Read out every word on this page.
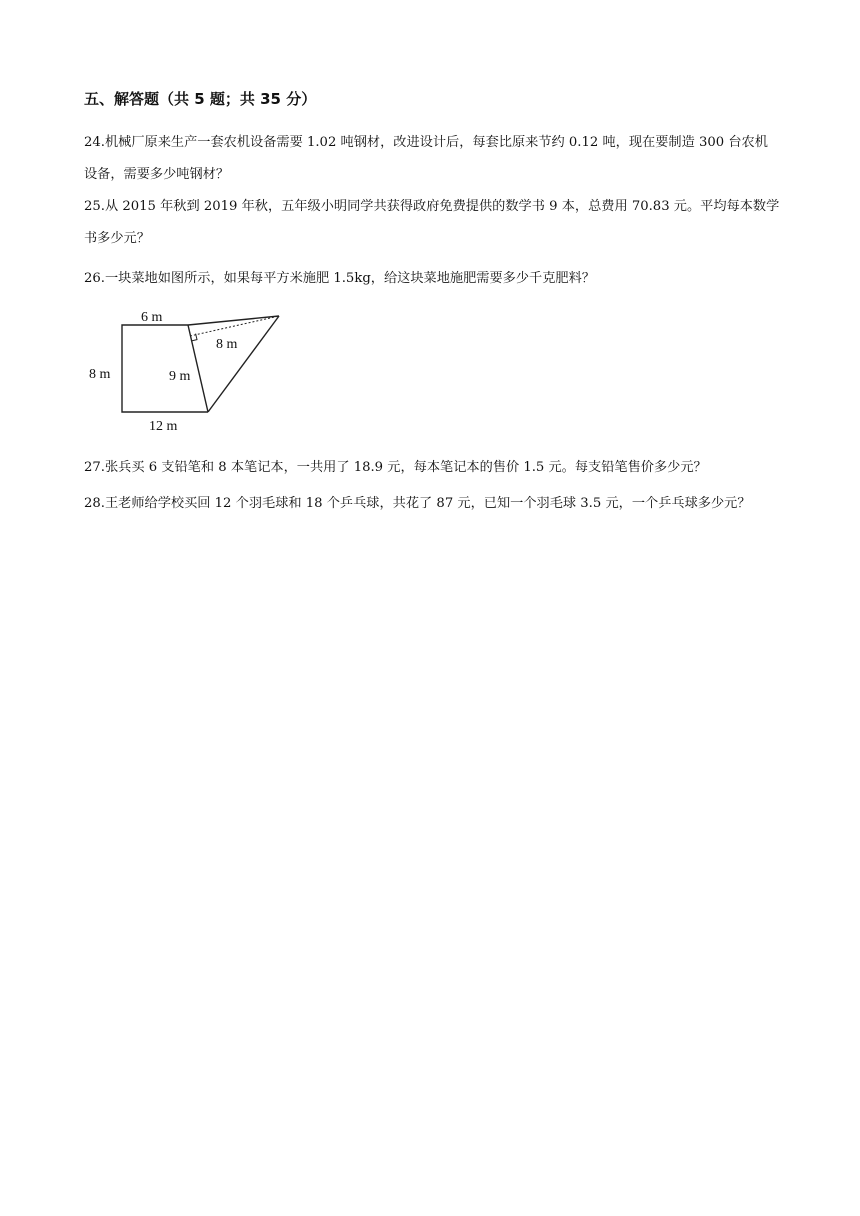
五、解答题（共 5 题；共 35 分）

24.机械厂原来生产一套农机设备需要 1.02 吨钢材，改进设计后，每套比原来节约 0.12 吨，现在要制造 300 台农机设备，需要多少吨钢材？

25.从 2015 年秋到 2019 年秋，五年级小明同学共获得政府免费提供的数学书 9 本，总费用 70.83 元。平均每本数学书多少元？

26.一块菜地如图所示，如果每平方米施肥 1.5kg，给这块菜地施肥需要多少千克肥料？

6 m
8 m
12 m
9 m
8 m

27.张兵买 6 支铅笔和 8 本笔记本，一共用了 18.9 元，每本笔记本的售价 1.5 元。每支铅笔售价多少元？

28.王老师给学校买回 12 个羽毛球和 18 个乒乓球，共花了 87 元，已知一个羽毛球 3.5 元，一个乒乓球多少元？
